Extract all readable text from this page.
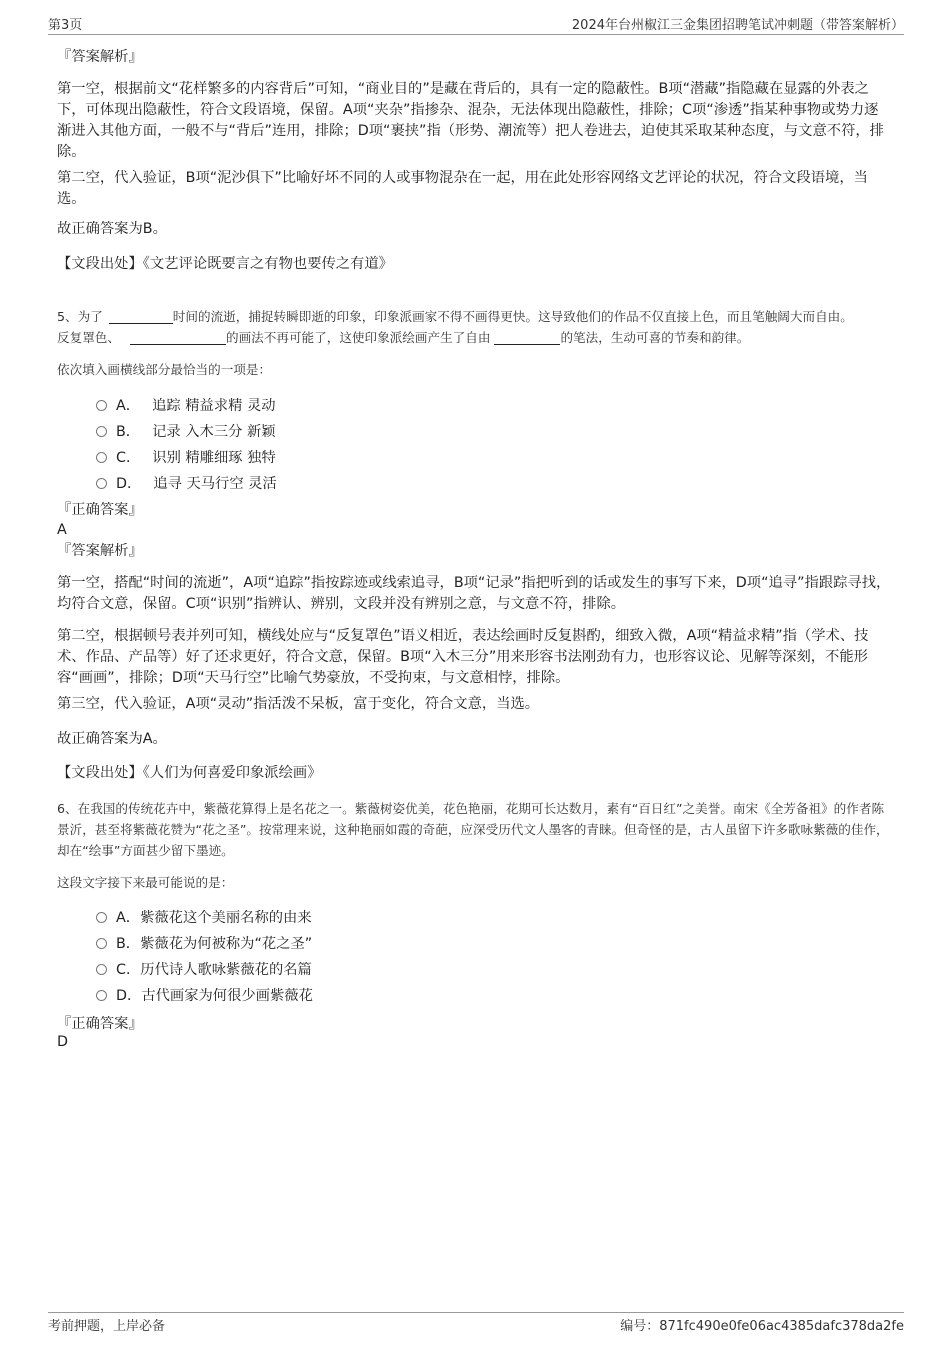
第3页	2024年台州椒江三金集团招聘笔试冲刺题（带答案解析）
『答案解析』
第一空，根据前文“花样繁多的内容背后”可知，“商业目的”是藏在背后的，具有一定的隐蔽性。B项“潜藏”指隐藏在显露的外表之下，可体现出隐蔽性，符合文段语境，保留。A项“夹杂”指掺杂、混杂，无法体现出隐蔽性，排除；C项“渗透”指某种事物或势力逐渐进入其他方面，一般不与“背后”连用，排除；D项“裹挟”指（形势、潮流等）把人卷进去，迫使其采取某种态度，与文意不符，排除。
第二空，代入验证，B项“泥沙俱下”比喻好坏不同的人或事物混杂在一起，用在此处形容网络文艺评论的状况，符合文段语境，当选。
故正确答案为B。
【文段出处】《文艺评论既要言之有物也要传之有道》
5、为了	时间的流逝，捕捉转瞬即逝的印象，印象派画家不得不画得更快。这导致他们的作品不仅直接上色，而且笔触阔大而自由。
反复罩色、	的画法不再可能了，这使印象派绘画产生了自由	的笔法，生动可喜的节奏和韵律。
依次填入画横线部分最恰当的一项是：
A． 追踪 精益求精 灵动
B． 记录 入木三分 新颖
C． 识别 精雕细琢 独特
D． 追寻 天马行空 灵活
『正确答案』
A
『答案解析』
第一空，搭配“时间的流逝”，A项“追踪”指按踪迹或线索追寻，B项“记录”指把听到的话或发生的事写下来，D项“追寻”指跟踪寻找，均符合文意，保留。C项“识别”指辨认、辨别，文段并没有辨别之意，与文意不符，排除。
第二空，根据顿号表并列可知，横线处应与“反复罩色”语义相近，表达绘画时反复斟酌，细致入微，A项“精益求精”指（学术、技术、作品、产品等）好了还求更好，符合文意，保留。B项“入木三分”用来形容书法刚劲有力，也形容议论、见解等深刻，不能形容“画画”，排除；D项“天马行空”比喻气势豪放，不受拘束，与文意相悖，排除。
第三空，代入验证，A项“灵动”指活泼不呆板，富于变化，符合文意，当选。
故正确答案为A。
【文段出处】《人们为何喜爱印象派绘画》
6、在我国的传统花卉中，紫薇花算得上是名花之一。紫薇树姿优美，花色艳丽，花期可长达数月，素有“百日红”之美誉。南宋《全芳备祖》的作者陈景沂，甚至将紫薇花赞为“花之圣”。按常理来说，这种艳丽如霞的奇葩，应深受历代文人墨客的青睐。但奇怪的是，古人虽留下许多歌咏紫薇的佳作，却在“绘事”方面甚少留下墨迹。
这段文字接下来最可能说的是：
A．紫薇花这个美丽名称的由来
B．紫薇花为何被称为“花之圣”
C．历代诗人歌咏紫薇花的名篇
D．古代画家为何很少画紫薇花
『正确答案』
D
考前押题，上岸必备	编号：871fc490e0fe06ac4385dafc378da2fe
